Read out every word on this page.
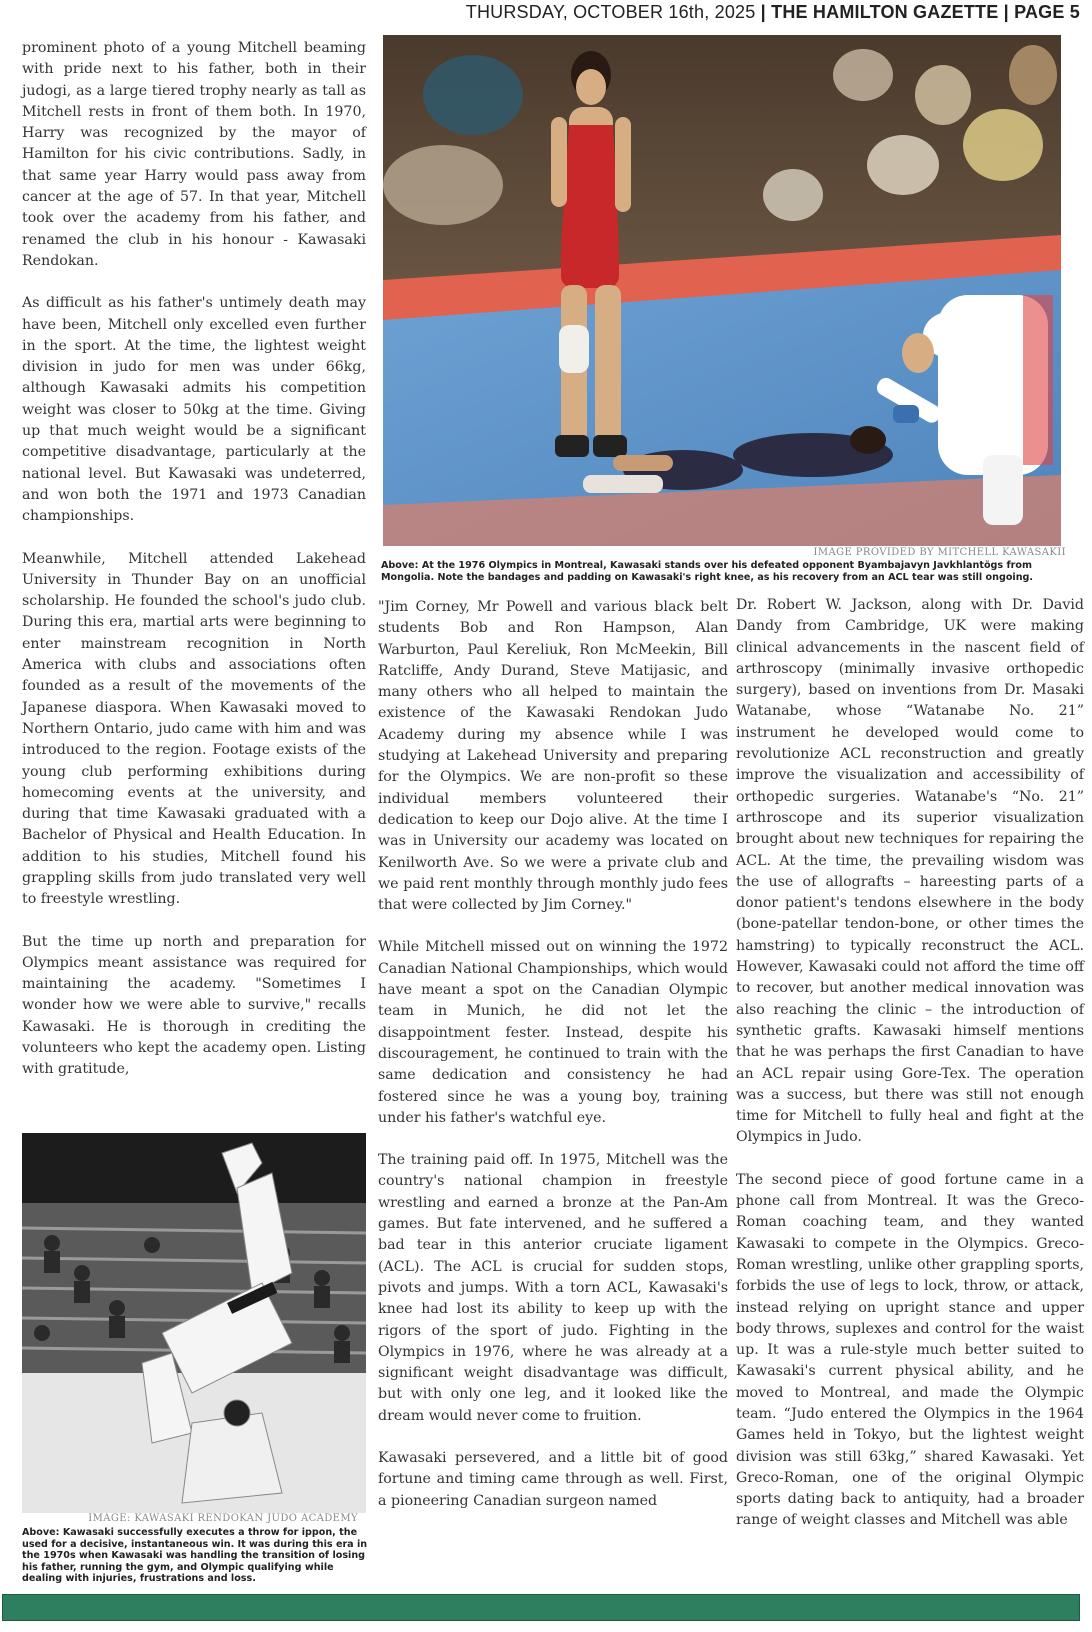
THURSDAY, OCTOBER 16th, 2025 | THE HAMILTON GAZETTE | PAGE 5

prominent photo of a young Mitchell beaming with pride next to his father, both in their judogi, as a large tiered trophy nearly as tall as Mitchell rests in front of them both. In 1970, Harry was recognized by the mayor of Hamilton for his civic contributions. Sadly, in that same year Harry would pass away from cancer at the age of 57. In that year, Mitchell took over the academy from his father, and renamed the club in his honour - Kawasaki Rendokan.

As difficult as his father's untimely death may have been, Mitchell only excelled even further in the sport. At the time, the lightest weight division in judo for men was under 66kg, although Kawasaki admits his competition weight was closer to 50kg at the time. Giving up that much weight would be a significant competitive disadvantage, particularly at the national level. But Kawasaki was undeterred, and won both the 1971 and 1973 Canadian championships.

Meanwhile, Mitchell attended Lakehead University in Thunder Bay on an unofficial scholarship. He founded the school's judo club. During this era, martial arts were beginning to enter mainstream recognition in North America with clubs and associations often founded as a result of the movements of the Japanese diaspora. When Kawasaki moved to Northern Ontario, judo came with him and was introduced to the region. Footage exists of the young club performing exhibitions during homecoming events at the university, and during that time Kawasaki graduated with a Bachelor of Physical and Health Education. In addition to his studies, Mitchell found his grappling skills from judo translated very well to freestyle wrestling.

But the time up north and preparation for Olympics meant assistance was required for maintaining the academy. "Sometimes I wonder how we were able to survive," recalls Kawasaki. He is thorough in crediting the volunteers who kept the academy open. Listing with gratitude,

"Jim Corney, Mr Powell and various black belt students Bob and Ron Hampson, Alan Warburton, Paul Kereliuk, Ron McMeekin, Bill Ratcliffe, Andy Durand, Steve Matijasic, and many others who all helped to maintain the existence of the Kawasaki Rendokan Judo Academy during my absence while I was studying at Lakehead University and preparing for the Olympics. We are non-profit so these individual members volunteered their dedication to keep our Dojo alive. At the time I was in University our academy was located on Kenilworth Ave. So we were a private club and we paid rent monthly through monthly judo fees that were collected by Jim Corney."

While Mitchell missed out on winning the 1972 Canadian National Championships, which would have meant a spot on the Canadian Olympic team in Munich, he did not let the disappointment fester. Instead, despite his discouragement, he continued to train with the same dedication and consistency he had fostered since he was a young boy, training under his father's watchful eye.

The training paid off. In 1975, Mitchell was the country's national champion in freestyle wrestling and earned a bronze at the Pan-Am games. But fate intervened, and he suffered a bad tear in this anterior cruciate ligament (ACL). The ACL is crucial for sudden stops, pivots and jumps. With a torn ACL, Kawasaki's knee had lost its ability to keep up with the rigors of the sport of judo. Fighting in the Olympics in 1976, where he was already at a significant weight disadvantage was difficult, but with only one leg, and it looked like the dream would never come to fruition.

Kawasaki persevered, and a little bit of good fortune and timing came through as well. First, a pioneering Canadian surgeon named

Dr. Robert W. Jackson, along with Dr. David Dandy from Cambridge, UK were making clinical advancements in the nascent field of arthroscopy (minimally invasive orthopedic surgery), based on inventions from Dr. Masaki Watanabe, whose “Watanabe No. 21” instrument he developed would come to revolutionize ACL reconstruction and greatly improve the visualization and accessibility of orthopedic surgeries. Watanabe's “No. 21” arthroscope and its superior visualization brought about new techniques for repairing the ACL. At the time, the prevailing wisdom was the use of allografts – hareesting parts of a donor patient's tendons elsewhere in the body (bone-patellar tendon-bone, or other times the hamstring) to typically reconstruct the ACL. However, Kawasaki could not afford the time off to recover, but another medical innovation was also reaching the clinic – the introduction of synthetic grafts. Kawasaki himself mentions that he was perhaps the first Canadian to have an ACL repair using Gore-Tex. The operation was a success, but there was still not enough time for Mitchell to fully heal and fight at the Olympics in Judo.

The second piece of good fortune came in a phone call from Montreal. It was the Greco-Roman coaching team, and they wanted Kawasaki to compete in the Olympics. Greco-Roman wrestling, unlike other grappling sports, forbids the use of legs to lock, throw, or attack, instead relying on upright stance and upper body throws, suplexes and control for the waist up. It was a rule-style much better suited to Kawasaki's current physical ability, and he moved to Montreal, and made the Olympic team. “Judo entered the Olympics in the 1964 Games held in Tokyo, but the lightest weight division was still 63kg,” shared Kawasaki. Yet Greco-Roman, one of the original Olympic sports dating back to antiquity, had a broader range of weight classes and Mitchell was able

IMAGE PROVIDED BY MITCHELL KAWASAKII
Above: At the 1976 Olympics in Montreal, Kawasaki stands over his defeated opponent Byambajavyn Javkhlantögs from Mongolia. Note the bandages and padding on Kawasaki's right knee, as his recovery from an ACL tear was still ongoing.
IMAGE: KAWASAKI RENDOKAN JUDO ACADEMY
Above: Kawasaki successfully executes a throw for ippon, the used for a decisive, instantaneous win. It was during this era in the 1970s when Kawasaki was handling the transition of losing his father, running the gym, and Olympic qualifying while dealing with injuries, frustrations and loss.
